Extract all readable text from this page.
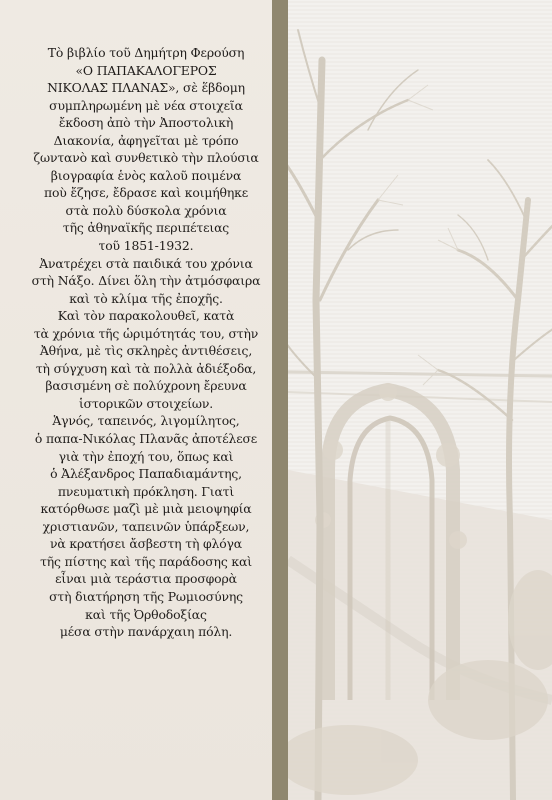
Τὸ βιβλίο τοῦ Δημήτρη Φερούση
«Ο ΠΑΠΑΚΑΛΟΓΕΡΟΣ
ΝΙΚΟΛΑΣ ΠΛΑΝΑΣ», σὲ ἕβδομη
συμπληρωμένη μὲ νέα στοιχεῖα
ἔκδοση ἀπὸ τὴν Ἀποστολικὴ
Διακονία, ἀφηγεῖται μὲ τρόπο
ζωντανὸ καὶ συνθετικὸ τὴν πλούσια
βιογραφία ἑνὸς καλοῦ ποιμένα
ποὺ ἔζησε, ἔδρασε καὶ κοιμήθηκε
στὰ πολὺ δύσκολα χρόνια
τῆς ἀθηναϊκῆς περιπέτειας
τοῦ 1851-1932.
Ἀνατρέχει στὰ παιδικά του χρόνια
στὴ Νάξο. Δίνει ὅλη τὴν ἀτμόσφαιρα
καὶ τὸ κλίμα τῆς ἐποχῆς.
Καὶ τὸν παρακολουθεῖ, κατὰ
τὰ χρόνια τῆς ὡριμότητάς του, στὴν
Ἀθήνα, μὲ τὶς σκληρὲς ἀντιθέσεις,
τὴ σύγχυση καὶ τὰ πολλὰ ἀδιέξοδα,
βασισμένη σὲ πολύχρονη ἔρευνα
ἱστορικῶν στοιχείων.
Ἁγνός, ταπεινός, λιγομίλητος,
ὁ παπα-Νικόλας Πλανᾶς ἀποτέλεσε
γιὰ τὴν ἐποχή του, ὅπως καὶ
ὁ Ἀλέξανδρος Παπαδιαμάντης,
πνευματικὴ πρόκληση. Γιατὶ
κατόρθωσε μαζὶ μὲ μιὰ μειοψηφία
χριστιανῶν, ταπεινῶν ὑπάρξεων,
νὰ κρατήσει ἄσβεστη τὴ φλόγα
τῆς πίστης καὶ τῆς παράδοσης καὶ
εἶναι μιὰ τεράστια προσφορὰ
στὴ διατήρηση τῆς Ρωμιοσύνης
καὶ τῆς Ὀρθοδοξίας
μέσα στὴν πανάρχαιη πόλη.
